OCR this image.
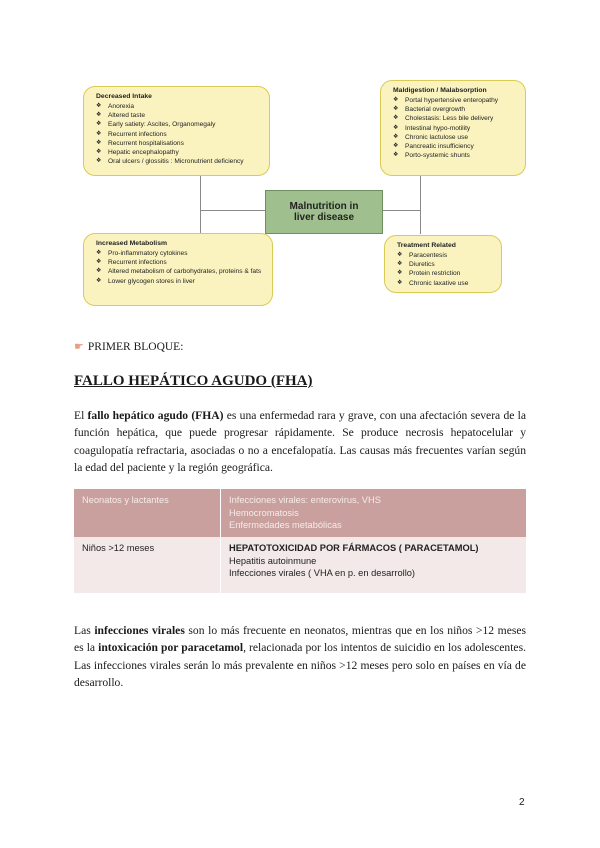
Decreased Intake
❖ Anorexia
❖ Altered taste
❖ Early satiety: Ascites, Organomegaly
❖ Recurrent infections
❖ Recurrent hospitalisations
❖ Hepatic encephalopathy
❖ Oral ulcers / glossitis : Micronutrient deficiency
Maldigestion / Malabsorption
❖ Portal hypertensive enteropathy
❖ Bacterial overgrowth
❖ Cholestasis: Less bile delivery
❖ Intestinal hypo-motility
❖ Chronic lactulose use
❖ Pancreatic insufficiency
❖ Porto-systemic shunts
Malnutrition in
liver disease
Increased Metabolism
❖ Pro-inflammatory cytokines
❖ Recurrent infections
❖ Altered metabolism of carbohydrates, proteins & fats
❖ Lower glycogen stores in liver
Treatment Related
❖ Paracentesis
❖ Diuretics
❖ Protein restriction
❖ Chronic laxative use
☛ PRIMER BLOQUE:
FALLO HEPÁTICO AGUDO (FHA)

El fallo hepático agudo (FHA) es una enfermedad rara y grave, con una afectación severa de la función hepática, que puede progresar rápidamente. Se produce necrosis hepatocelular y coagulopatía refractaria, asociadas o no a encefalopatía. Las causas más frecuentes varían según la edad del paciente y la región geográfica.

Neonatos y lactantes	Infecciones virales: enterovirus, VHS
Hemocromatosis
Enfermedades metabólicas

Niños >12 meses	HEPATOTOXICIDAD POR FÁRMACOS ( PARACETAMOL)
Hepatitis autoinmune
Infecciones virales ( VHA en p. en desarrollo)

Las infecciones virales son lo más frecuente en neonatos, mientras que en los niños >12 meses es la intoxicación por paracetamol, relacionada por los intentos de suicidio en los adolescentes. Las infecciones virales serán lo más prevalente en niños >12 meses pero solo en países en vía de desarrollo.

2
